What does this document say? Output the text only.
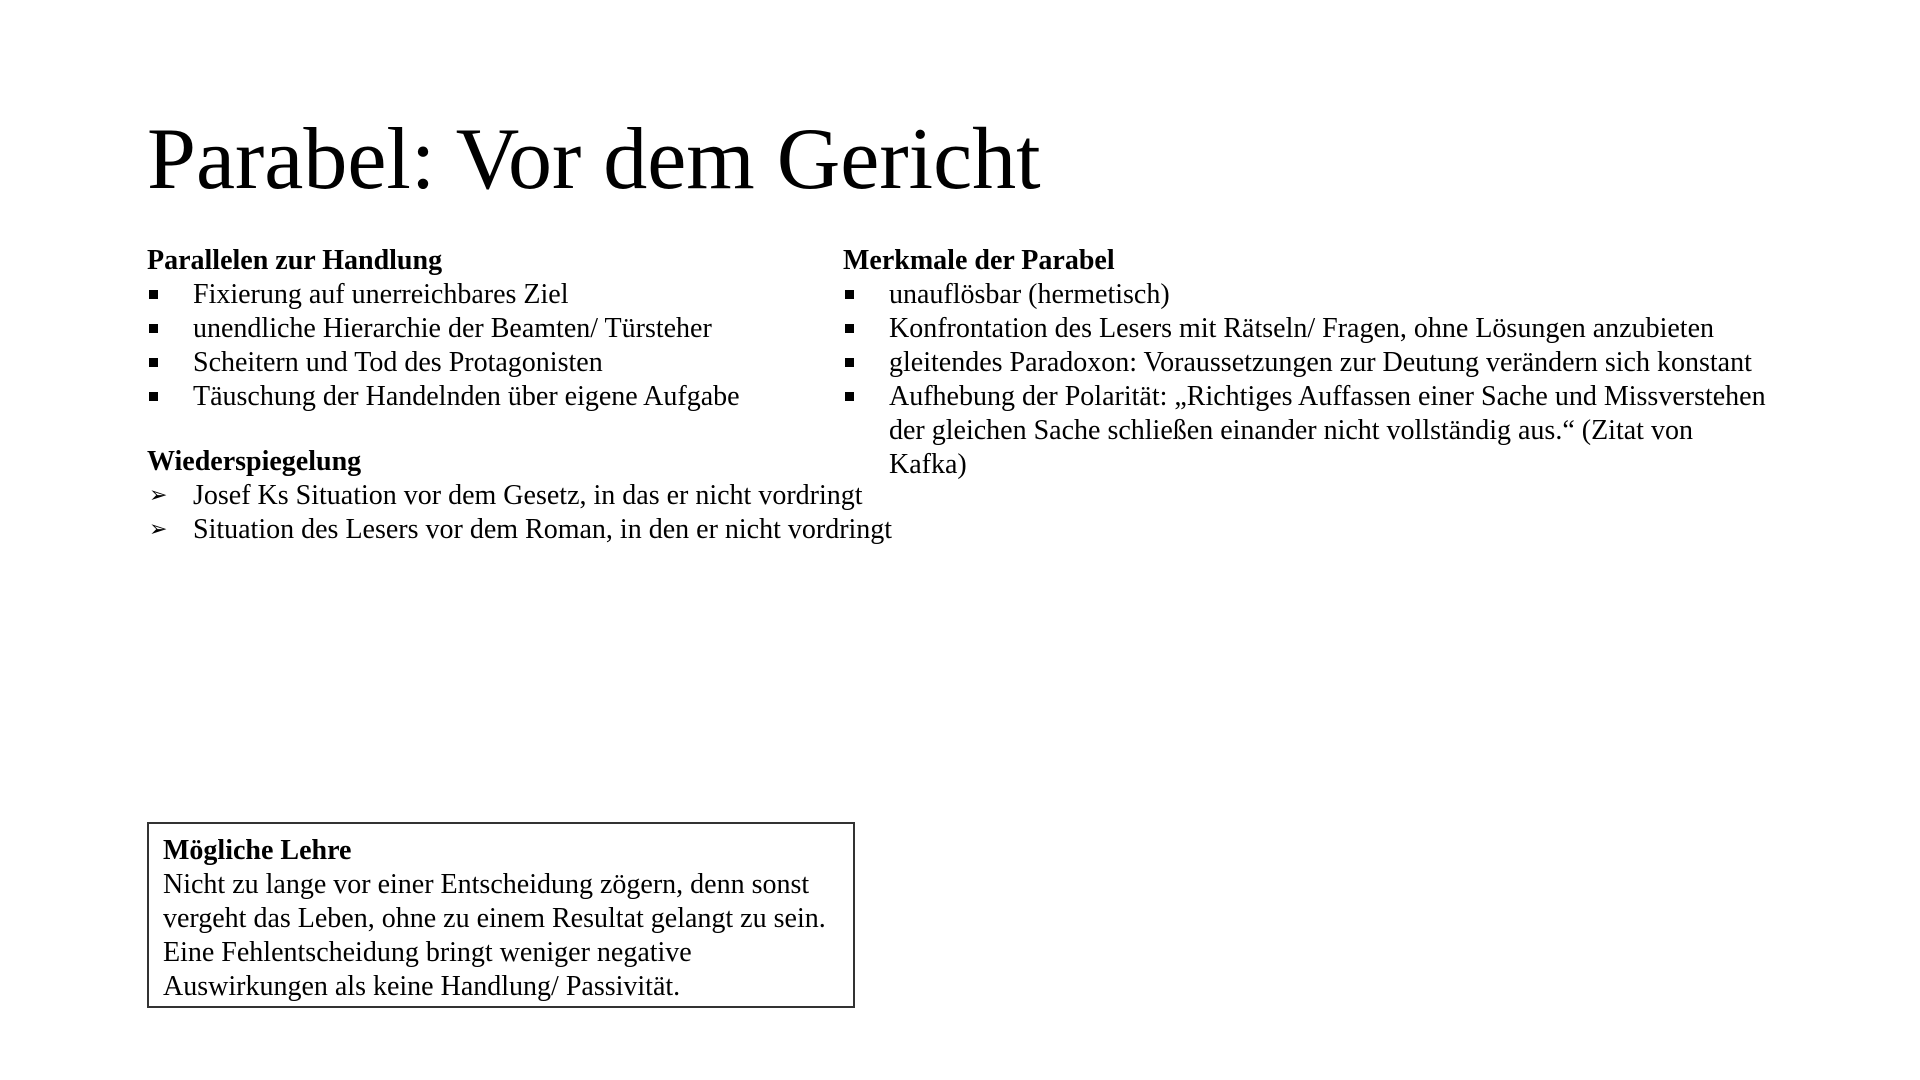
Parabel: Vor dem Gericht
Parallelen zur Handlung
Fixierung auf unerreichbares Ziel
unendliche Hierarchie der Beamten/ Türsteher
Scheitern und Tod des Protagonisten
Täuschung der Handelnden über eigene Aufgabe
Wiederspiegelung
➢ Josef Ks Situation vor dem Gesetz, in das er nicht vordringt
➢ Situation des Lesers vor dem Roman, in den er nicht vordringt
Merkmale der Parabel
unauflösbar (hermetisch)
Konfrontation des Lesers mit Rätseln/ Fragen, ohne Lösungen anzubieten
gleitendes Paradoxon: Voraussetzungen zur Deutung verändern sich konstant
Aufhebung der Polarität: „Richtiges Auffassen einer Sache und Missverstehen der gleichen Sache schließen einander nicht vollständig aus.“ (Zitat von Kafka)
Mögliche Lehre
Nicht zu lange vor einer Entscheidung zögern, denn sonst
vergeht das Leben, ohne zu einem Resultat gelangt zu sein.
Eine Fehlentscheidung bringt weniger negative
Auswirkungen als keine Handlung/ Passivität.
